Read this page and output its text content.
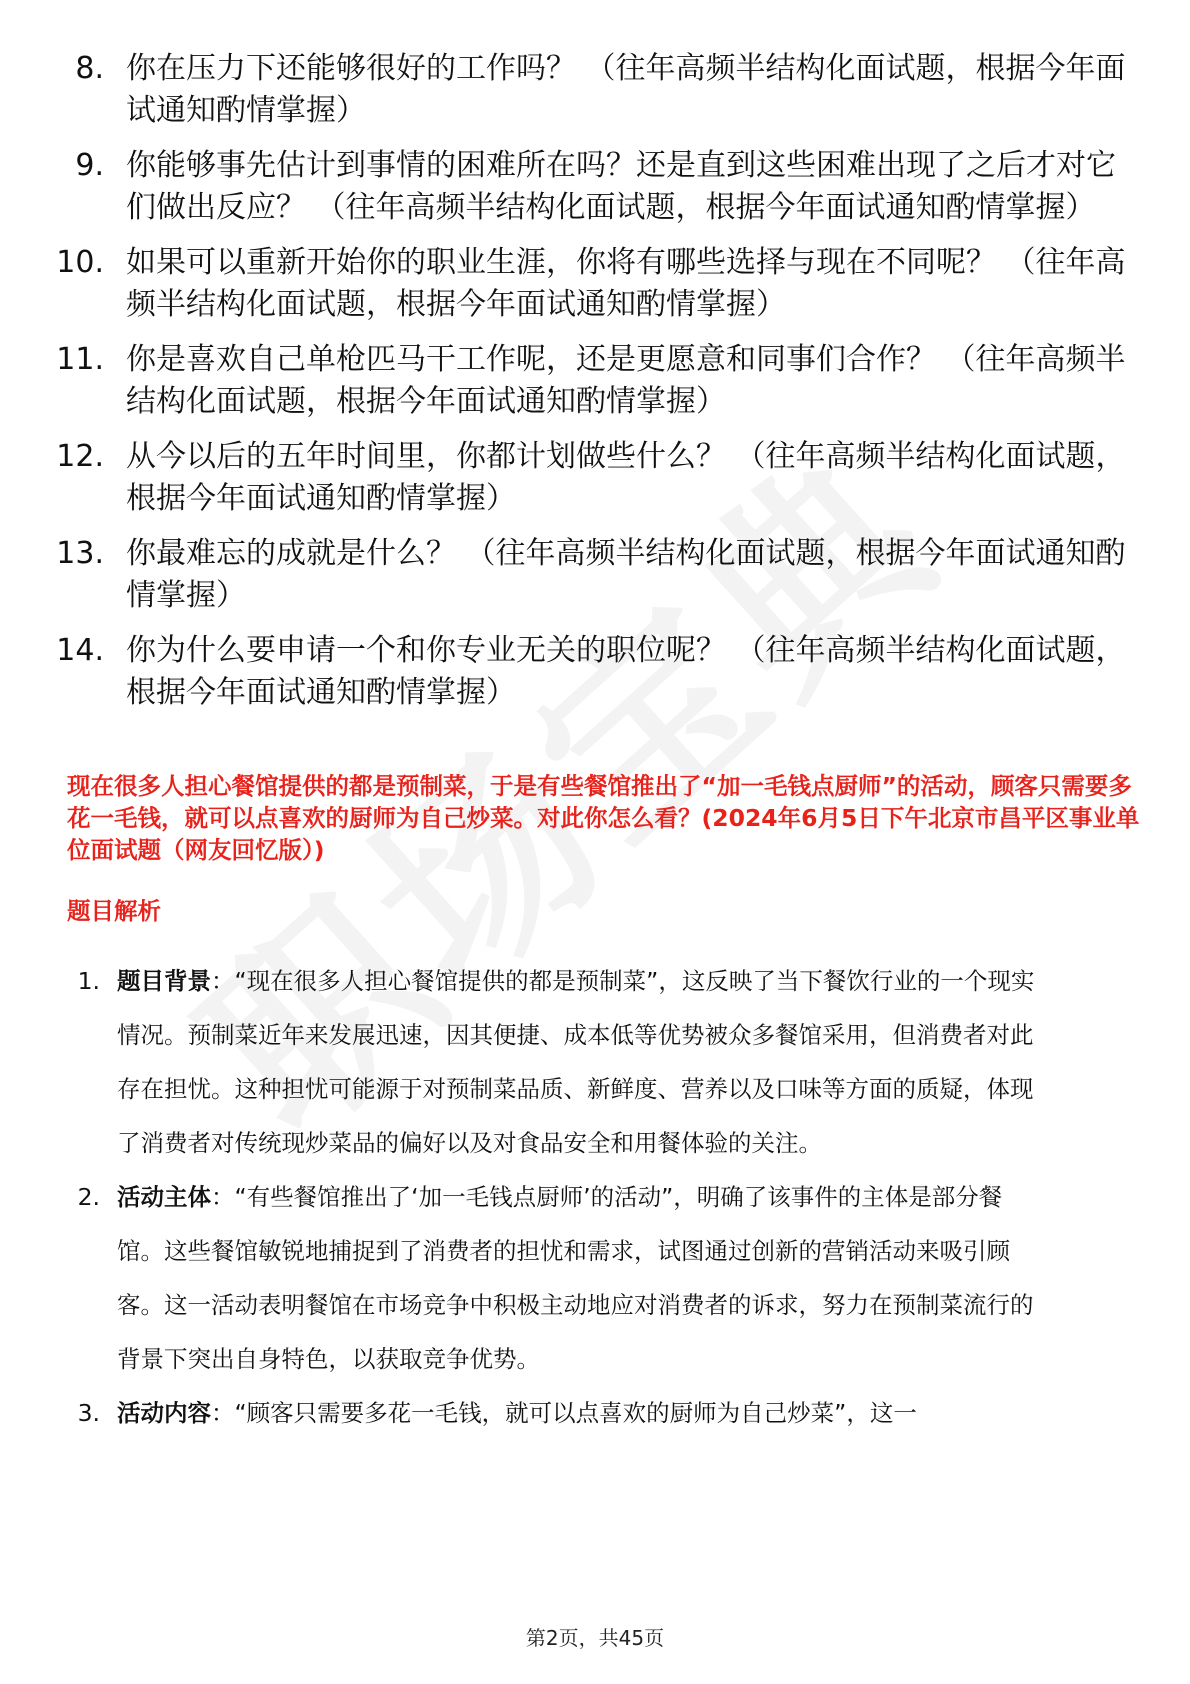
8. 你在压力下还能够很好的工作吗？ （往年高频半结构化面试题，根据今年面试通知酌情掌握）
9. 你能够事先估计到事情的困难所在吗？还是直到这些困难出现了之后才对它们做出反应？ （往年高频半结构化面试题，根据今年面试通知酌情掌握）
10. 如果可以重新开始你的职业生涯，你将有哪些选择与现在不同呢？ （往年高频半结构化面试题，根据今年面试通知酌情掌握）
11. 你是喜欢自己单枪匹马干工作呢，还是更愿意和同事们合作？ （往年高频半结构化面试题，根据今年面试通知酌情掌握）
12. 从今以后的五年时间里，你都计划做些什么？ （往年高频半结构化面试题，根据今年面试通知酌情掌握）
13. 你最难忘的成就是什么？ （往年高频半结构化面试题，根据今年面试通知酌情掌握）
14. 你为什么要申请一个和你专业无关的职位呢？ （往年高频半结构化面试题，根据今年面试通知酌情掌握）
现在很多人担心餐馆提供的都是预制菜，于是有些餐馆推出了“加一毛钱点厨师”的活动，顾客只需要多花一毛钱，就可以点喜欢的厨师为自己炒菜。对此你怎么看？(2024年6月5日下午北京市昌平区事业单位面试题（网友回忆版）)
题目解析
1. 题目背景：“现在很多人担心餐馆提供的都是预制菜”，这反映了当下餐饮行业的一个现实情况。预制菜近年来发展迅速，因其便捷、成本低等优势被众多餐馆采用，但消费者对此存在担忧。这种担忧可能源于对预制菜品质、新鲜度、营养以及口味等方面的质疑，体现了消费者对传统现炒菜品的偏好以及对食品安全和用餐体验的关注。
2. 活动主体：“有些餐馆推出了‘加一毛钱点厨师’的活动”，明确了该事件的主体是部分餐馆。这些餐馆敏锐地捕捉到了消费者的担忧和需求，试图通过创新的营销活动来吸引顾客。这一活动表明餐馆在市场竞争中积极主动地应对消费者的诉求，努力在预制菜流行的背景下突出自身特色，以获取竞争优势。
3. 活动内容：“顾客只需要多花一毛钱，就可以点喜欢的厨师为自己炒菜”，这一
第2页，共45页
